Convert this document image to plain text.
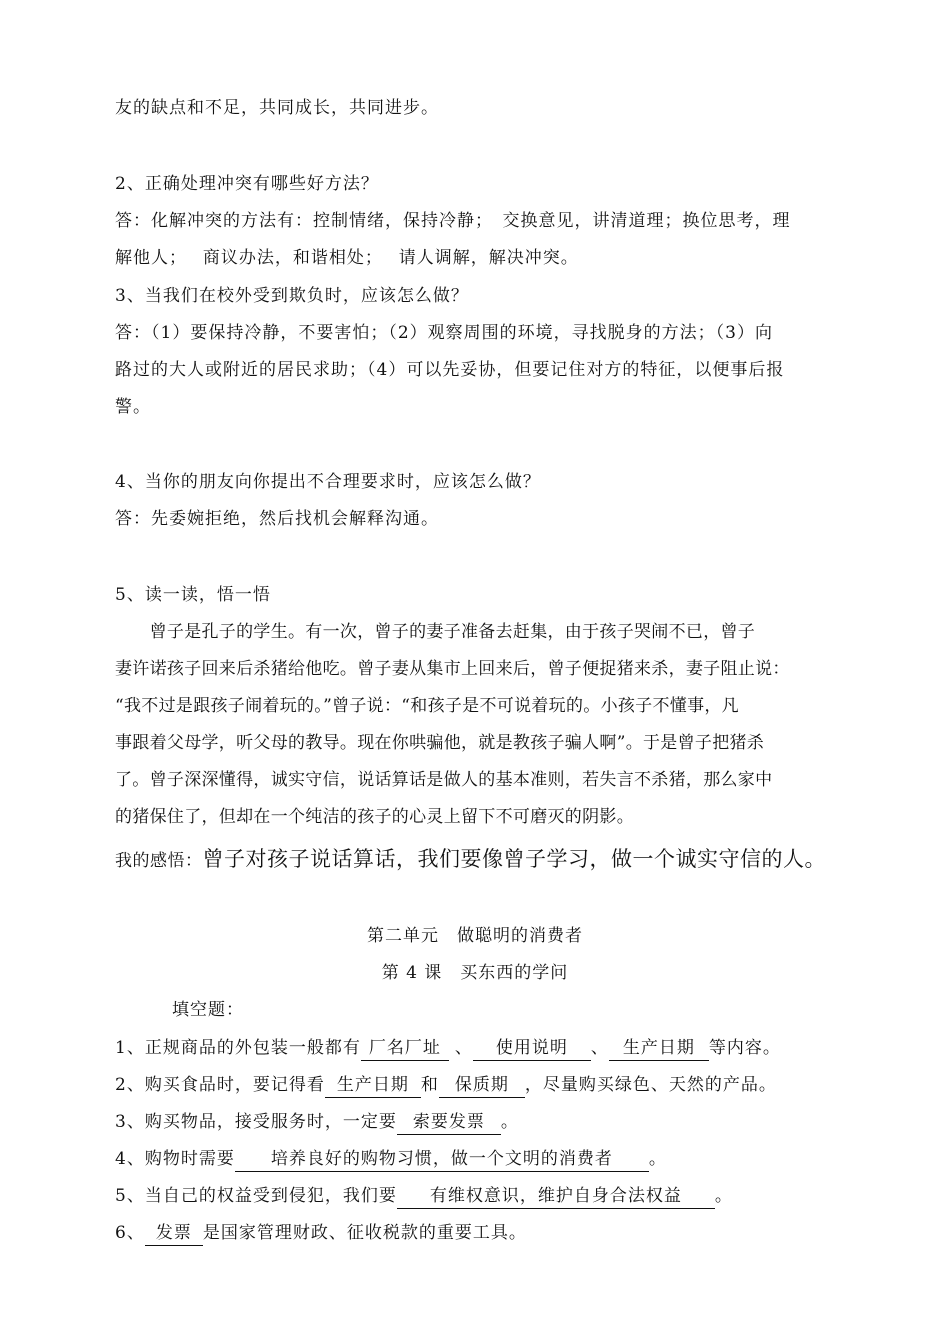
友的缺点和不足，共同成长，共同进步。
2、正确处理冲突有哪些好方法？
答：化解冲突的方法有：控制情绪，保持冷静；　交换意见，讲清道理；换位思考，理
解他人；　 商议办法，和谐相处；　 请人调解，解决冲突。
3、当我们在校外受到欺负时，应该怎么做？
答：（1）要保持冷静，不要害怕；（2）观察周围的环境，寻找脱身的方法；（3）向
路过的大人或附近的居民求助；（4）可以先妥协，但要记住对方的特征，以便事后报
警。
4、当你的朋友向你提出不合理要求时，应该怎么做？
答：先委婉拒绝，然后找机会解释沟通。
5、读一读，悟一悟
　　曾子是孔子的学生。有一次，曾子的妻子准备去赶集，由于孩子哭闹不已，曾子
妻许诺孩子回来后杀猪给他吃。曾子妻从集市上回来后，曾子便捉猪来杀，妻子阻止说：
“我不过是跟孩子闹着玩的。”曾子说：“和孩子是不可说着玩的。小孩子不懂事，凡
事跟着父母学，听父母的教导。现在你哄骗他，就是教孩子骗人啊”。于是曾子把猪杀
了。曾子深深懂得，诚实守信，说话算话是做人的基本准则，若失言不杀猪，那么家中
的猪保住了，但却在一个纯洁的孩子的心灵上留下不可磨灭的阴影。
我的感悟：曾子对孩子说话算话，我们要像曾子学习，做一个诚实守信的人。
第二单元　做聪明的消费者
第 4 课　买东西的学问
填空题：
1、正规商品的外包装一般都有 厂名厂址 、 使用说明 、 生产日期 等内容。
2、购买食品时，要记得看 生产日期 和 保质期 ，尽量购买绿色、天然的产品。
3、购买物品，接受服务时，一定要 索要发票 。
4、购物时需要 培养良好的购物习惯，做一个文明的消费者 。
5、当自己的权益受到侵犯，我们要 有维权意识，维护自身合法权益 。
6、 发票 是国家管理财政、征收税款的重要工具。
